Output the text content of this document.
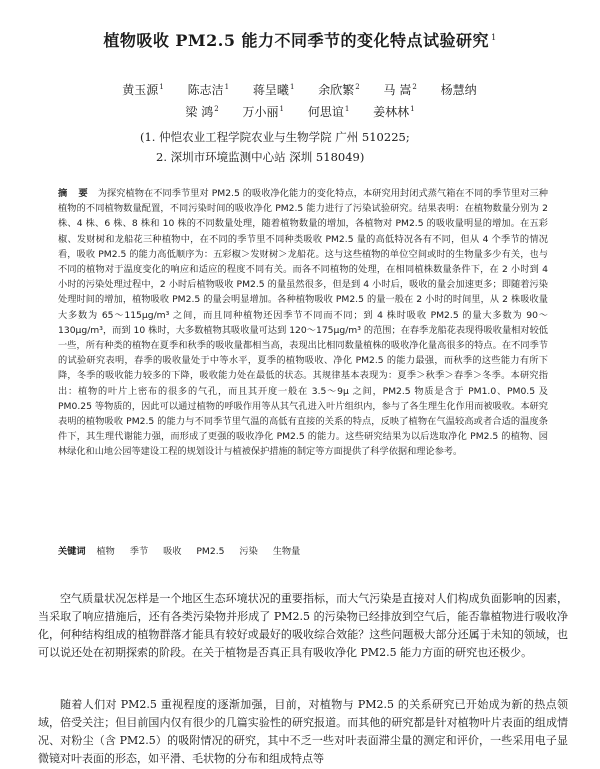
植物吸收 PM2.5 能力不同季节的变化特点试验研究 $^1$
黄玉源$^1$ 陈志洁$^1$ 蒋呈曦$^1$ 余欣繁$^2$ 马 嵩$^2$ 杨慧纳
梁 鸿$^2$ 万小丽$^1$ 何思谊$^1$ 姜林林$^1$
(1. 仲恺农业工程学院农业与生物学院 广州 510225;
2. 深圳市环境监测中心站 深圳 518049)
摘 要 为探究植物在不同季节里对 PM2.5 的吸收净化能力的变化特点，本研究用封闭式蒸气箱在不同的季节里对三种植物的不同植物数量配置，不同污染时间的吸收净化 PM2.5 能力进行了污染试验研究。结果表明：在植物数量分别为 2 株、4 株、6 株、8 株和 10 株的不同数量处理，随着植物数量的增加，各植物对 PM2.5 的吸收量明显的增加。在五彩椒、发财树和龙船花三种植物中，在不同的季节里不同种类吸收 PM2.5 量的高低特况各有不同，但从 4 个季节的情况看，吸收 PM2.5 的能力高低顺序为：五彩椒＞发财树＞龙船花。这与这些植物的单位空间或时的生物量多少有关，也与不同的植物对于温度变化的响应和适应的程度不同有关。而各不同植物的处理，在相同植株数量条件下，在 2 小时到 4 小时的污染处理过程中，2 小时后植物吸收 PM2.5 的量虽然很多，但是到 4 小时后，吸收的量会加速更多；即随着污染处理时间的增加，植物吸收 PM2.5 的量会明显增加。各种植物吸收 PM2.5 的量一般在 2 小时的时间里，从 2 株吸收量大多数为 65～115μg/m³ 之间，而且同种植物还因季节不同而不同；到 4 株时吸收 PM2.5 的量大多数为 90～130μg/m³，而到 10 株时，大多数植物其吸收量可达到 120～175μg/m³ 的范围；在春季龙船花表现得吸收量相对较低一些，所有种类的植物在夏季和秋季的吸收量都相当高，表现出比相同数量植株的吸收净化量高很多的特点。在不同季节的试验研究表明，春季的吸收量处于中等水平，夏季的植物吸收、净化 PM2.5 的能力最强，而秋季的这些能力有所下降，冬季的吸收能力较多的下降，吸收能力处在最低的状态。其规律基本表现为：夏季＞秋季＞春季＞冬季。本研究指出：植物的叶片上密布的很多的气孔，而且其开度一般在 3.5～9μ 之间，PM2.5 物质是含于 PM1.0、PM0.5 及 PM0.25 等物质的，因此可以通过植物的呼吸作用等从其气孔进入叶片组织内，参与了各生理生化作用而被吸收。本研究表明的植物吸收 PM2.5 的能力与不同季节里气温的高低有直接的关系的特点，反映了植物在气温较高或者合适的温度条件下，其生理代谢能力强，而形成了更强的吸收净化 PM2.5 的能力。这些研究结果为以后选取净化 PM2.5 的植物、园林绿化和山地公园等建设工程的规划设计与植被保护措施的制定等方面提供了科学依据和理论参考。
关键词 植物 季节 吸收 PM2.5 污染 生物量
空气质量状况怎样是一个地区生态环境状况的重要指标，而大气污染是直接对人们构成负面影响的因素，当采取了响应措施后，还有各类污染物并形成了 PM2.5 的污染物已经排放到空气后，能否靠植物进行吸收净化，何种结构组成的植物群落才能具有较好或最好的吸收综合效能？这些问题极大部分还属于未知的领域，也可以说还处在初期探索的阶段。在关于植物是否真正具有吸收净化 PM2.5 能力方面的研究也还极少。
随着人们对 PM2.5 重视程度的逐渐加强，目前，对植物与 PM2.5 的关系研究已开始成为新的热点领域，倍受关注；但目前国内仅有很少的几篇实验性的研究报道。而其他的研究都是针对植物叶片表面的组成情况、对粉尘（含 PM2.5）的吸附情况的研究，其中不乏一些对叶表面滞尘量的测定和评价，一些采用电子显微镜对叶表面的形态，如平滑、毛状物的分布和组成特点等
